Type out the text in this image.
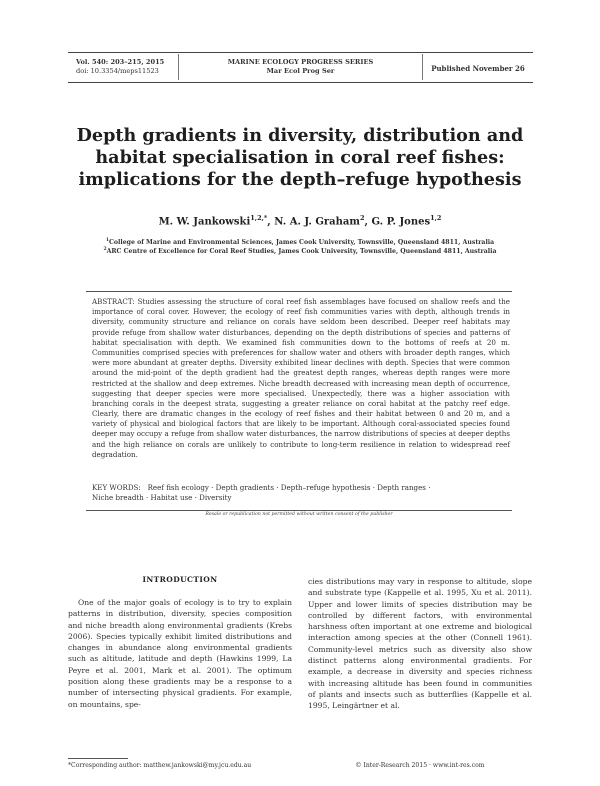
Vol. 540: 203–215, 2015
doi: 10.3354/meps11523
MARINE ECOLOGY PROGRESS SERIES
Mar Ecol Prog Ser	Published November 26
Depth gradients in diversity, distribution and
habitat specialisation in coral reef fishes:
implications for the depth–refuge hypothesis
M. W. Jankowski$^{1,2,*}$, N. A. J. Graham$^2$, G. P. Jones$^{1,2}$
$^1$College of Marine and Environmental Sciences, James Cook University, Townsville, Queensland 4811, Australia
$^2$ARC Centre of Excellence for Coral Reef Studies, James Cook University, Townsville, Queensland 4811, Australia
ABSTRACT: Studies assessing the structure of coral reef fish assemblages have focused on shallow reefs and the importance of coral cover. However, the ecology of reef fish communities varies with depth, although trends in diversity, community structure and reliance on corals have seldom been described. Deeper reef habitats may provide refuge from shallow water disturbances, depending on the depth distributions of species and patterns of habitat specialisation with depth. We examined fish communities down to the bottoms of reefs at 20 m. Communities comprised species with preferences for shallow water and others with broader depth ranges, which were more abundant at greater depths. Diversity exhibited linear declines with depth. Species that were common around the mid-point of the depth gradient had the greatest depth ranges, whereas depth ranges were more restricted at the shallow and deep extremes. Niche breadth decreased with increasing mean depth of occurrence, suggesting that deeper species were more specialised. Unexpectedly, there was a higher association with branching corals in the deepest strata, suggesting a greater reliance on coral habitat at the patchy reef edge. Clearly, there are dramatic changes in the ecology of reef fishes and their habitat between 0 and 20 m, and a variety of physical and biological factors that are likely to be important. Although coral-associated species found deeper may occupy a refuge from shallow water disturbances, the narrow distributions of species at deeper depths and the high reliance on corals are unlikely to contribute to long-term resilience in relation to widespread reef degradation.
KEY WORDS: Reef fish ecology · Depth gradients · Depth–refuge hypothesis · Depth ranges ·
Niche breadth · Habitat use · Diversity
Resale or republication not permitted without written consent of the publisher
INTRODUCTION
One of the major goals of ecology is to try to explain patterns in distribution, diversity, species composition and niche breadth along environmental gradients (Krebs 2006). Species typically exhibit limited distributions and changes in abundance along environmental gradients such as altitude, latitude and depth (Hawkins 1999, La Peyre et al. 2001, Mark et al. 2001). The optimum position along these gradients may be a response to a number of intersecting physical gradients. For example, on mountains, spe-
cies distributions may vary in response to altitude, slope and substrate type (Kappelle et al. 1995, Xu et al. 2011). Upper and lower limits of species distribution may be controlled by different factors, with environmental harshness often important at one extreme and biological interaction among species at the other (Connell 1961). Community-level metrics such as diversity also show distinct patterns along environmental gradients. For example, a decrease in diversity and species richness with increasing altitude has been found in communities of plants and insects such as butterflies (Kappelle et al. 1995, Leingärtner et al.
*Corresponding author: matthew.jankowski@my.jcu.edu.au	© Inter-Research 2015 · www.int-res.com
